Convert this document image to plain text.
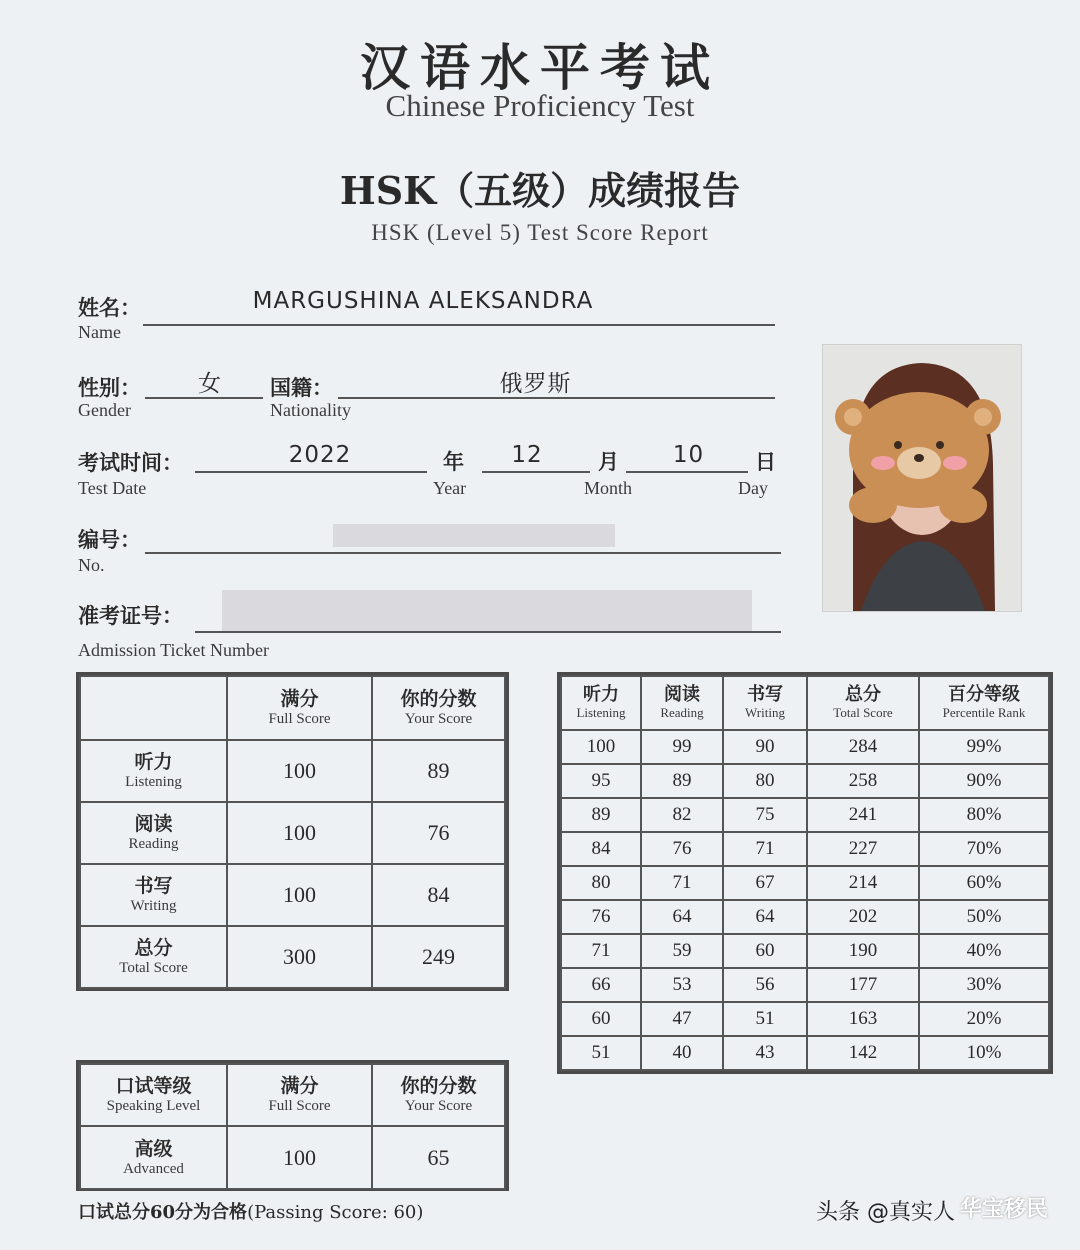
汉语水平考试
Chinese Proficiency Test
HSK（五级）成绩报告
HSK (Level 5) Test Score Report
姓名：
Name
MARGUSHINA ALEKSANDRA
性别：
Gender
女	国籍：
Nationality
俄罗斯
考试时间：
Test Date
2022	年
Year
12	月
Month
10	日
Day
编号：
No.
准考证号：
Admission Ticket Number

	满分
Full Score	你的分数
Your Score

听力
Listening	100	89

阅读
Reading	100	76

书写
Writing	100	84

总分
Total Score	300	249
听力
Listening	阅读
Reading	书写
Writing	总分
Total Score	百分等级
Percentile Rank

100	99	90	284	99%
95	89	80	258	90%
89	82	75	241	80%
84	76	71	227	70%
80	71	67	214	60%
76	64	64	202	50%
71	59	60	190	40%
66	53	56	177	30%
60	47	51	163	20%
51	40	43	142	10%
口试等级
Speaking Level	满分
Full Score	你的分数
Your Score

高级
Advanced	100	65
口试总分60分为合格(Passing Score: 60)	头条 @真实人 华宝移民
